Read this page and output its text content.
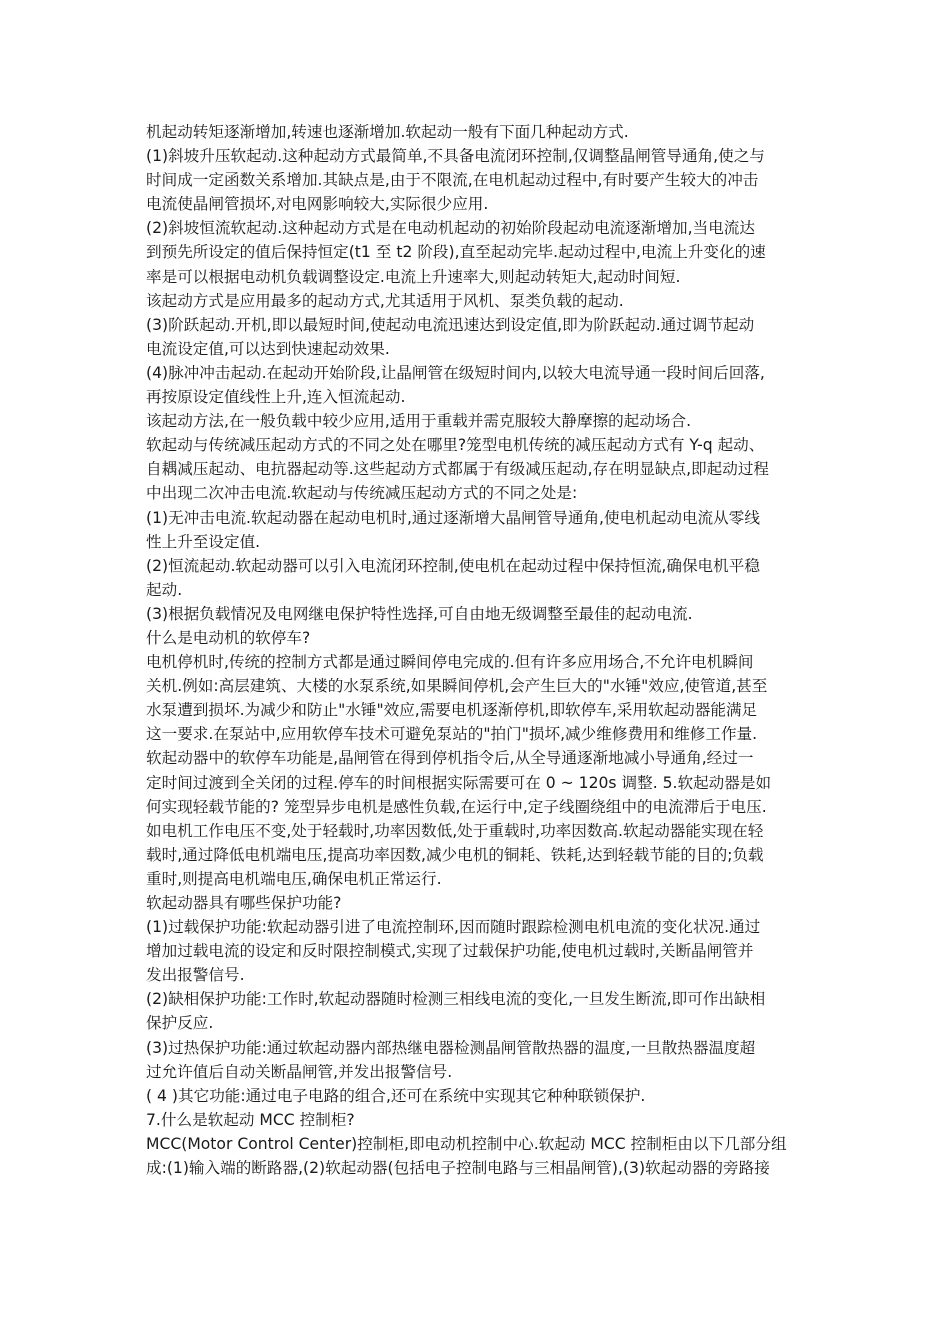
机起动转矩逐渐增加,转速也逐渐增加.软起动一般有下面几种起动方式.
(1)斜坡升压软起动.这种起动方式最简单,不具备电流闭环控制,仅调整晶闸管导通角,使之与
时间成一定函数关系增加.其缺点是,由于不限流,在电机起动过程中,有时要产生较大的冲击
电流使晶闸管损坏,对电网影响较大,实际很少应用.
(2)斜坡恒流软起动.这种起动方式是在电动机起动的初始阶段起动电流逐渐增加,当电流达
到预先所设定的值后保持恒定(t1 至 t2 阶段),直至起动完毕.起动过程中,电流上升变化的速
率是可以根据电动机负载调整设定.电流上升速率大,则起动转矩大,起动时间短.
该起动方式是应用最多的起动方式,尤其适用于风机、泵类负载的起动.
(3)阶跃起动.开机,即以最短时间,使起动电流迅速达到设定值,即为阶跃起动.通过调节起动
电流设定值,可以达到快速起动效果.
(4)脉冲冲击起动.在起动开始阶段,让晶闸管在级短时间内,以较大电流导通一段时间后回落,
再按原设定值线性上升,连入恒流起动.
该起动方法,在一般负载中较少应用,适用于重载并需克服较大静摩擦的起动场合.
软起动与传统减压起动方式的不同之处在哪里?笼型电机传统的减压起动方式有 Y-q 起动、
自耦减压起动、电抗器起动等.这些起动方式都属于有级减压起动,存在明显缺点,即起动过程
中出现二次冲击电流.软起动与传统减压起动方式的不同之处是:
(1)无冲击电流.软起动器在起动电机时,通过逐渐增大晶闸管导通角,使电机起动电流从零线
性上升至设定值.
(2)恒流起动.软起动器可以引入电流闭环控制,使电机在起动过程中保持恒流,确保电机平稳
起动.
(3)根据负载情况及电网继电保护特性选择,可自由地无级调整至最佳的起动电流.
什么是电动机的软停车?
电机停机时,传统的控制方式都是通过瞬间停电完成的.但有许多应用场合,不允许电机瞬间
关机.例如:高层建筑、大楼的水泵系统,如果瞬间停机,会产生巨大的"水锤"效应,使管道,甚至
水泵遭到损坏.为减少和防止"水锤"效应,需要电机逐渐停机,即软停车,采用软起动器能满足
这一要求.在泵站中,应用软停车技术可避免泵站的"拍门"损坏,减少维修费用和维修工作量.
软起动器中的软停车功能是,晶闸管在得到停机指令后,从全导通逐渐地减小导通角,经过一
定时间过渡到全关闭的过程.停车的时间根据实际需要可在 0 ~ 120s 调整. 5.软起动器是如
何实现轻载节能的? 笼型异步电机是感性负载,在运行中,定子线圈绕组中的电流滞后于电压.
如电机工作电压不变,处于轻载时,功率因数低,处于重载时,功率因数高.软起动器能实现在轻
载时,通过降低电机端电压,提高功率因数,减少电机的铜耗、铁耗,达到轻载节能的目的;负载
重时,则提高电机端电压,确保电机正常运行.
软起动器具有哪些保护功能?
(1)过载保护功能:软起动器引进了电流控制环,因而随时跟踪检测电机电流的变化状况.通过
增加过载电流的设定和反时限控制模式,实现了过载保护功能,使电机过载时,关断晶闸管并
发出报警信号.
(2)缺相保护功能:工作时,软起动器随时检测三相线电流的变化,一旦发生断流,即可作出缺相
保护反应.
(3)过热保护功能:通过软起动器内部热继电器检测晶闸管散热器的温度,一旦散热器温度超
过允许值后自动关断晶闸管,并发出报警信号.
( 4 )其它功能:通过电子电路的组合,还可在系统中实现其它种种联锁保护.
7.什么是软起动 MCC 控制柜?
MCC(Motor Control Center)控制柜,即电动机控制中心.软起动 MCC 控制柜由以下几部分组
成:(1)输入端的断路器,(2)软起动器(包括电子控制电路与三相晶闸管),(3)软起动器的旁路接
